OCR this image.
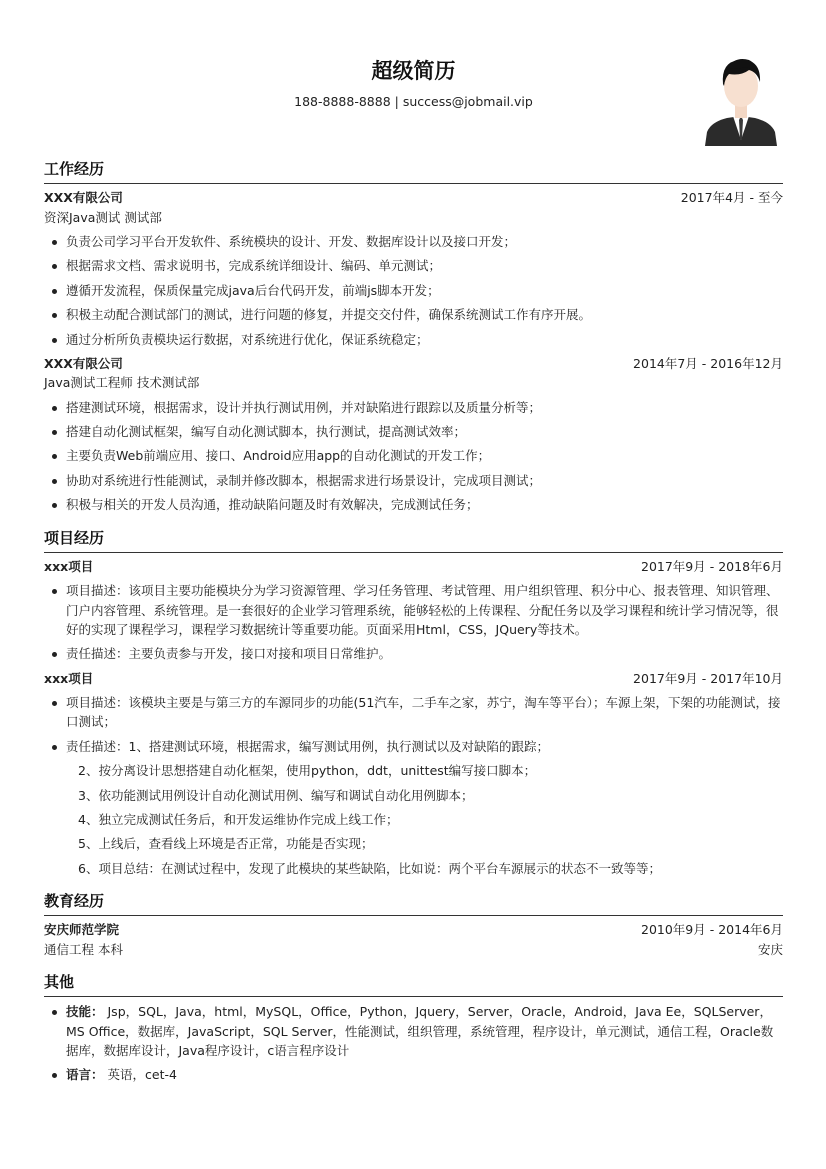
超级简历
188-8888-8888 | success@jobmail.vip
工作经历
XXX有限公司	2017年4月 - 至今
资深Java测试 测试部
负责公司学习平台开发软件、系统模块的设计、开发、数据库设计以及接口开发；
根据需求文档、需求说明书，完成系统详细设计、编码、单元测试；
遵循开发流程，保质保量完成java后台代码开发，前端js脚本开发；
积极主动配合测试部门的测试，进行问题的修复，并提交交付件，确保系统测试工作有序开展。
通过分析所负责模块运行数据，对系统进行优化，保证系统稳定；
XXX有限公司	2014年7月 - 2016年12月
Java测试工程师 技术测试部
搭建测试环境，根据需求，设计并执行测试用例，并对缺陷进行跟踪以及质量分析等；
搭建自动化测试框架，编写自动化测试脚本，执行测试，提高测试效率；
主要负责Web前端应用、接口、Android应用app的自动化测试的开发工作；
协助对系统进行性能测试，录制并修改脚本，根据需求进行场景设计，完成项目测试；
积极与相关的开发人员沟通，推动缺陷问题及时有效解决，完成测试任务；
项目经历
xxx项目	2017年9月 - 2018年6月
项目描述：该项目主要功能模块分为学习资源管理、学习任务管理、考试管理、用户组织管理、积分中心、报表管理、知识管理、门户内容管理、系统管理。是一套很好的企业学习管理系统，能够轻松的上传课程、分配任务以及学习课程和统计学习情况等，很好的实现了课程学习，课程学习数据统计等重要功能。页面采用Html，CSS，JQuery等技术。
责任描述：主要负责参与开发，接口对接和项目日常维护。
xxx项目	2017年9月 - 2017年10月
项目描述：该模块主要是与第三方的车源同步的功能(51汽车，二手车之家，苏宁，淘车等平台）；车源上架，下架的功能测试，接口测试；
责任描述：1、搭建测试环境，根据需求，编写测试用例，执行测试以及对缺陷的跟踪；
2、按分离设计思想搭建自动化框架，使用python，ddt，unittest编写接口脚本；
3、依功能测试用例设计自动化测试用例、编写和调试自动化用例脚本；
4、独立完成测试任务后，和开发运维协作完成上线工作；
5、上线后，查看线上环境是否正常，功能是否实现；
6、项目总结：在测试过程中，发现了此模块的某些缺陷，比如说：两个平台车源展示的状态不一致等等；
教育经历
安庆师范学院	2010年9月 - 2014年6月
通信工程 本科	安庆
其他
技能： Jsp，SQL，Java，html，MySQL，Office，Python，Jquery，Server，Oracle，Android，Java Ee，SQLServer，MS Office，数据库，JavaScript，SQL Server，性能测试，组织管理，系统管理，程序设计，单元测试，通信工程，Oracle数据库，数据库设计，Java程序设计，c语言程序设计
语言： 英语，cet-4
